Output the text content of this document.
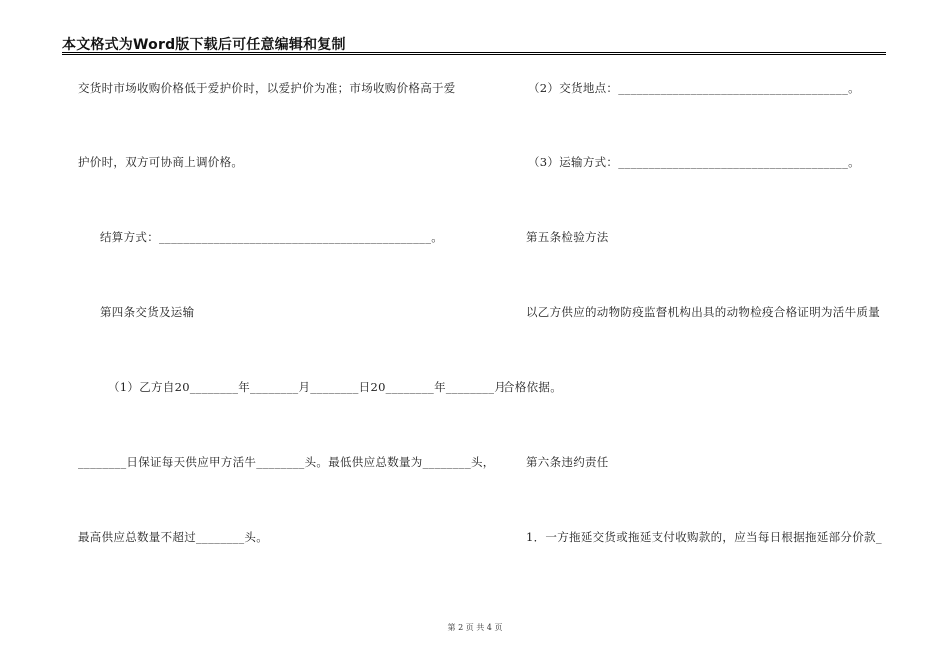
本文格式为Word版下载后可任意编辑和复制
交货时市场收购价格低于爱护价时，以爱护价为准；市场收购价格高于爱
护价时，双方可协商上调价格。
结算方式：_____________________________________________。
第四条交货及运输
（1）乙方自20________年________月________日20________年________月
________日保证每天供应甲方活牛________头。最低供应总数量为________头，
最高供应总数量不超过________头。
（2）交货地点：______________________________________。
（3）运输方式：______________________________________。
第五条检验方法
以乙方供应的动物防疫监督机构出具的动物检疫合格证明为活牛质量
合格依据。
第六条违约责任
1．一方拖延交货或拖延支付收购款的，应当每日根据拖延部分价款_
第 2 页 共 4 页
